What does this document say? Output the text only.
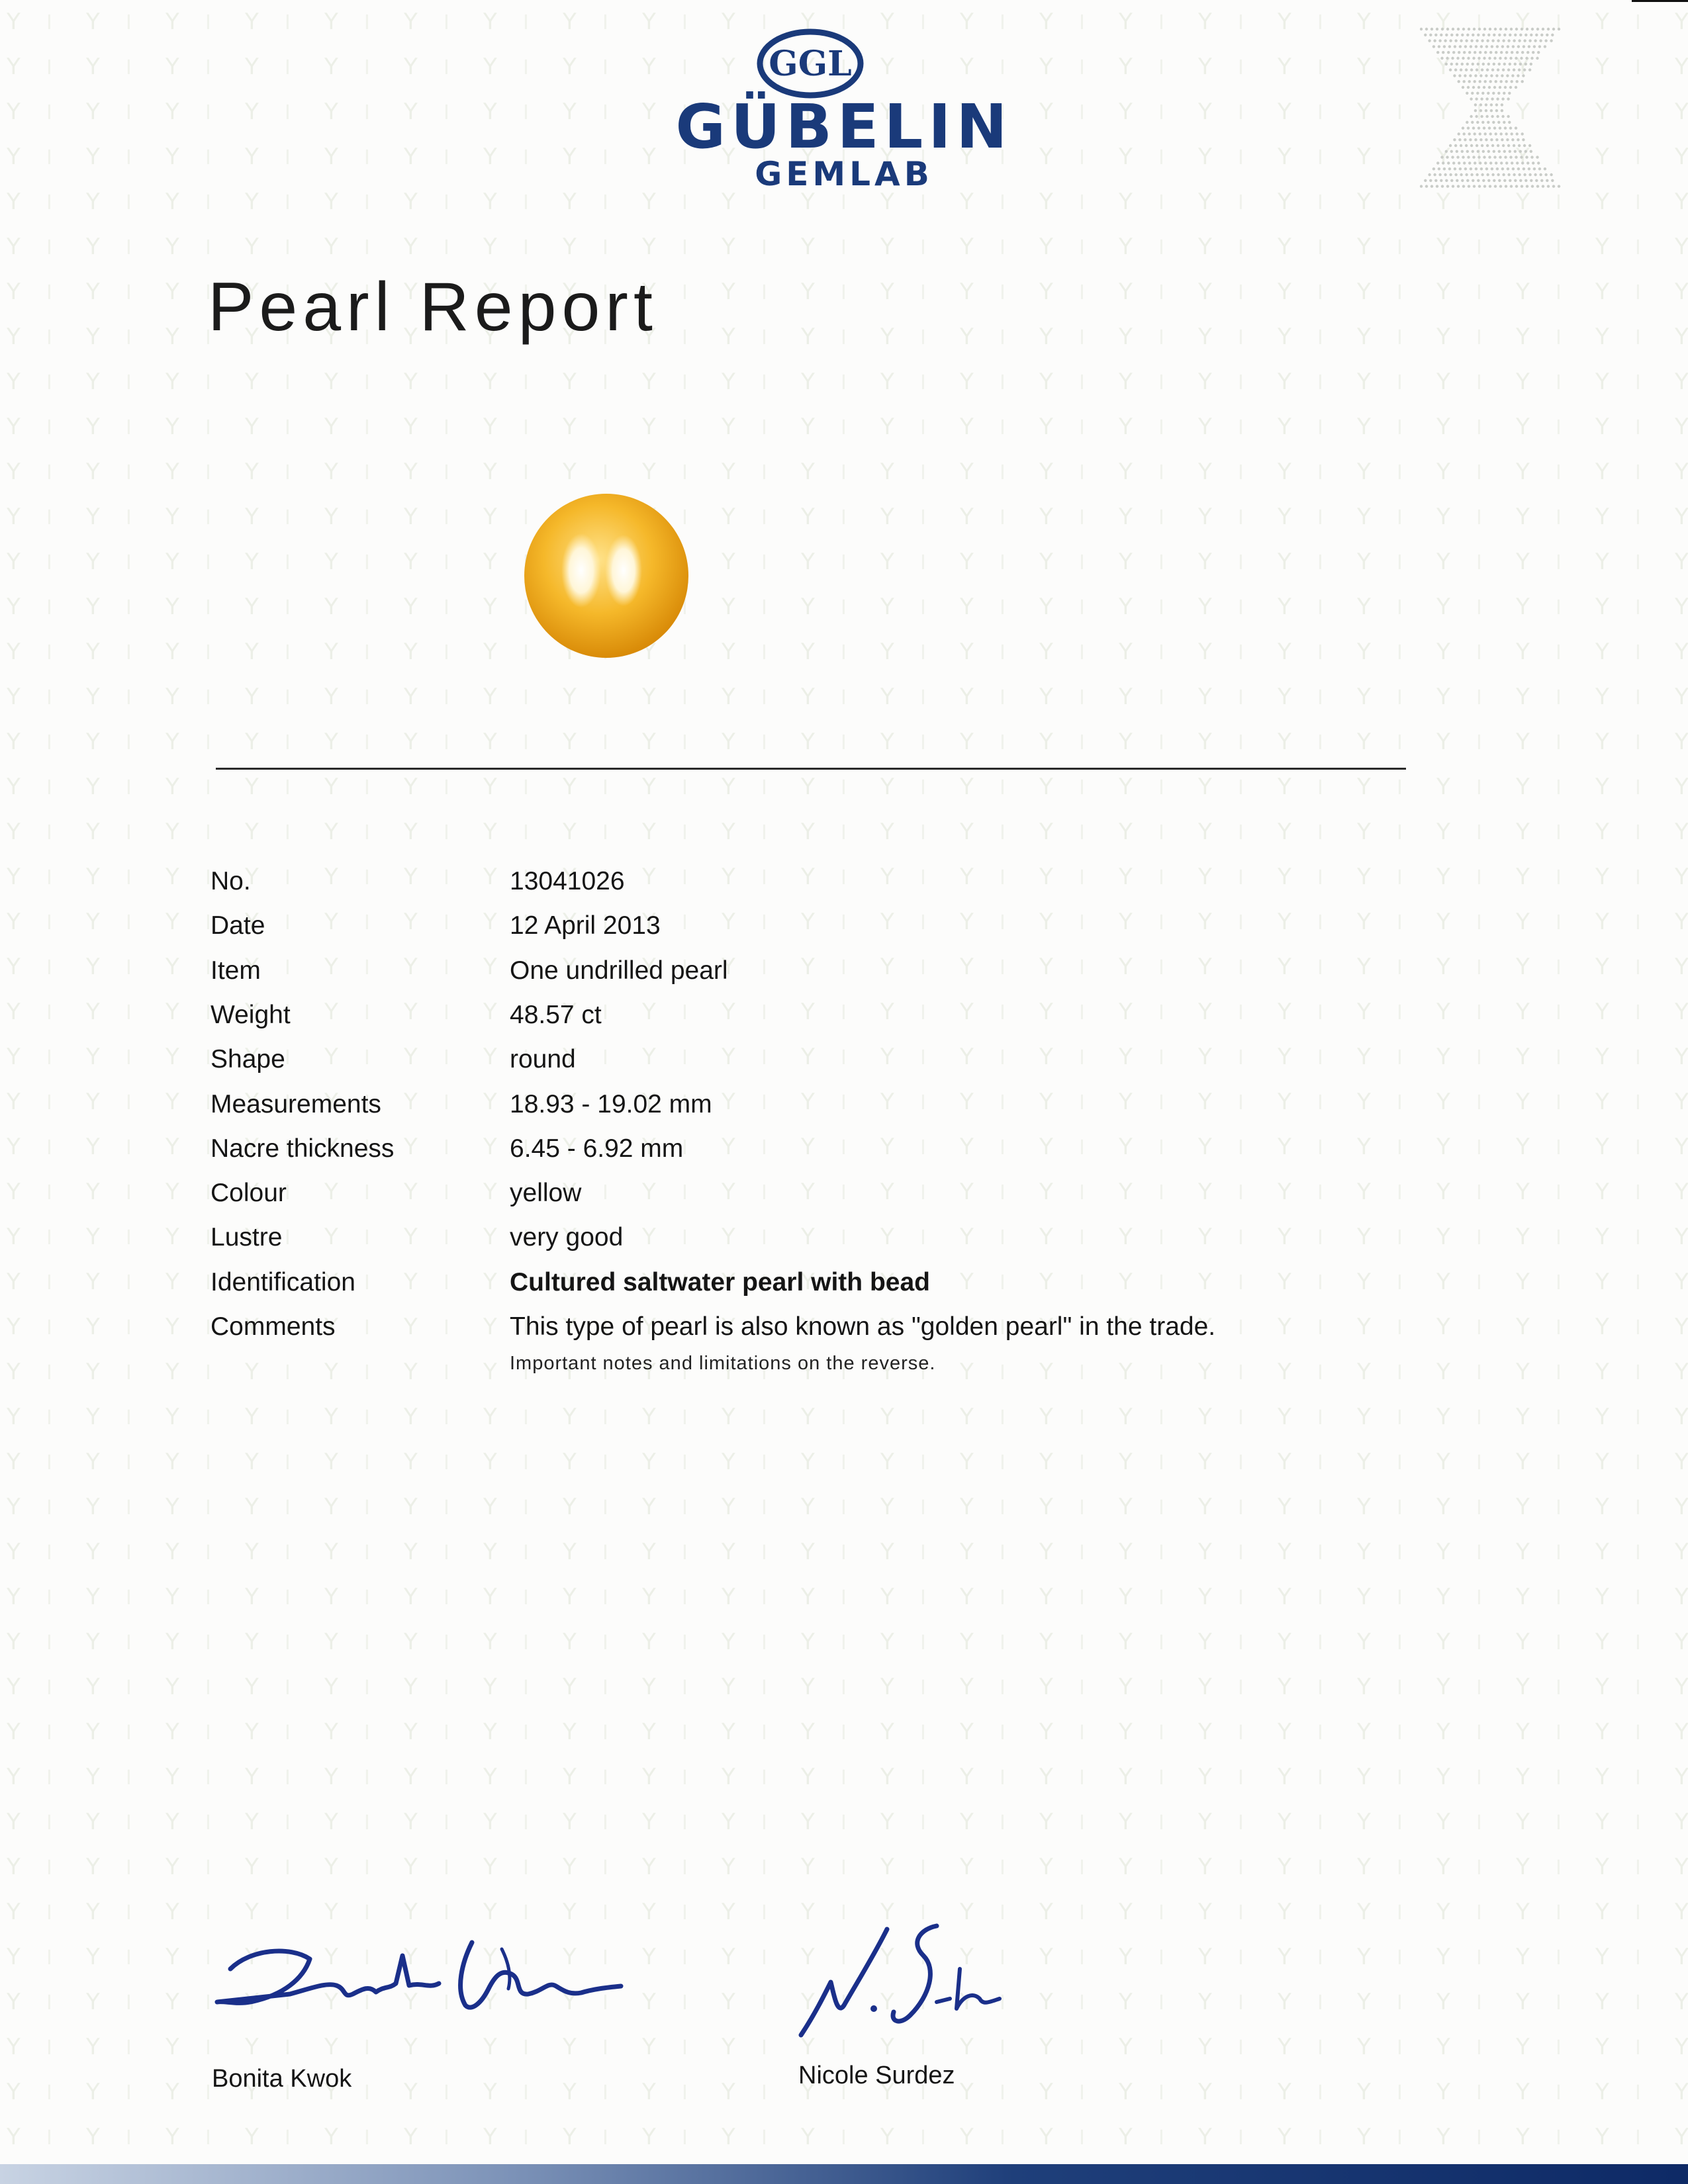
GGL
GÜBELIN
GEMLAB
Pearl Report
No.	13041026
Date	12 April 2013
Item	One undrilled pearl
Weight	48.57 ct
Shape	round
Measurements	18.93 - 19.02 mm
Nacre thickness	6.45 - 6.92 mm
Colour	yellow
Lustre	very good
Identification	Cultured saltwater pearl with bead
Comments	This type of pearl is also known as "golden pearl" in the trade.
Important notes and limitations on the reverse.
Bonita Kwok	Nicole Surdez
